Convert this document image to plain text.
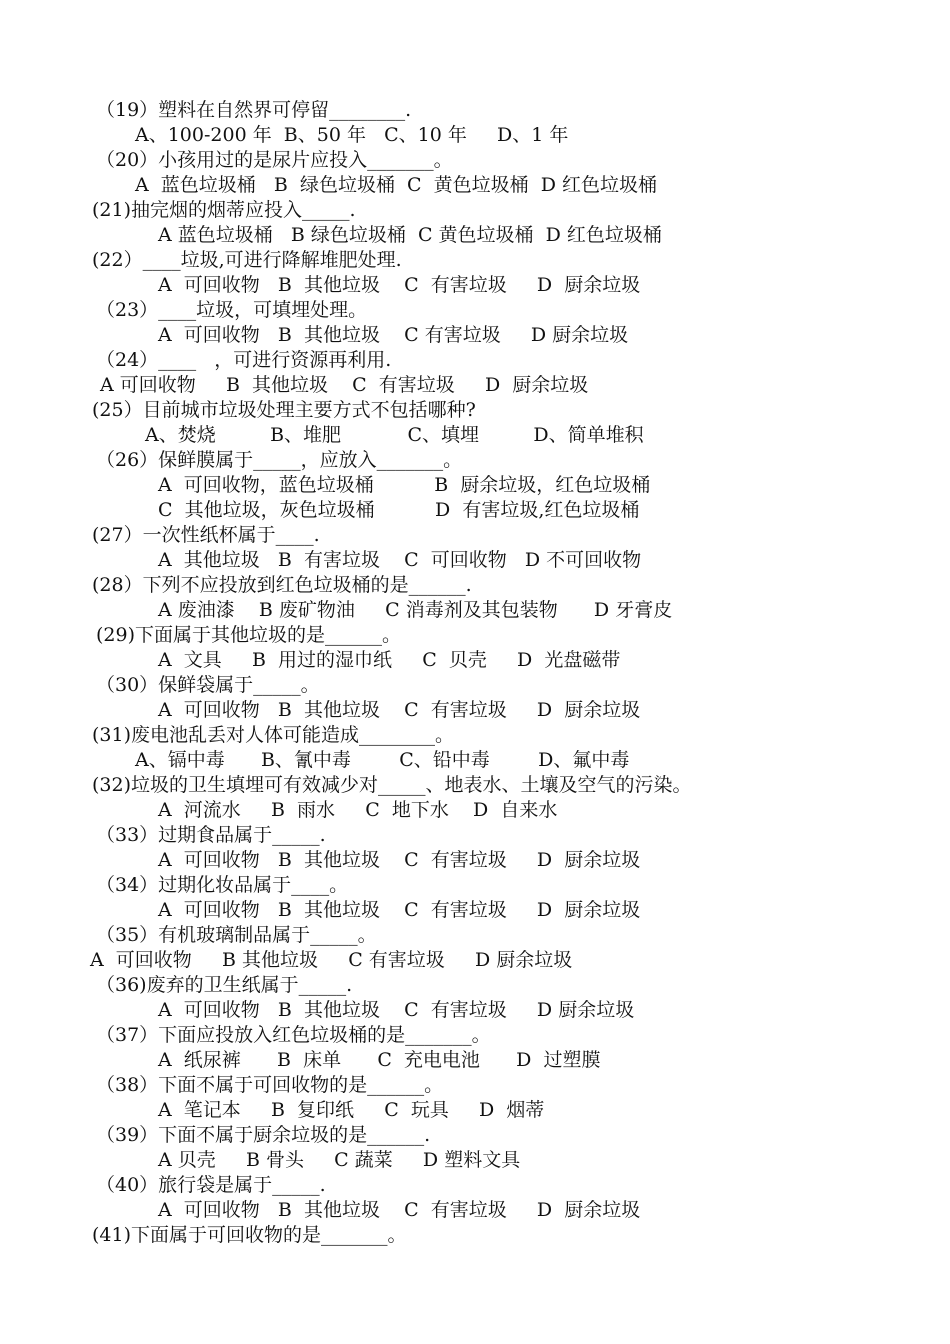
（19）塑料在自然界可停留________.
A、100-200 年  B、50 年   C、10 年     D、1 年
（20）小孩用过的是尿片应投入_______。
A  蓝色垃圾桶   B  绿色垃圾桶  C  黄色垃圾桶  D 红色垃圾桶
(21)抽完烟的烟蒂应投入_____.
A 蓝色垃圾桶   B 绿色垃圾桶  C 黄色垃圾桶  D 红色垃圾桶
(22）____垃圾,可进行降解堆肥处理.
A  可回收物   B  其他垃圾    C  有害垃圾     D  厨余垃圾
（23）____垃圾，可填埋处理。
A  可回收物   B  其他垃圾    C 有害垃圾     D 厨余垃圾
（24）____   ，可进行资源再利用.
A 可回收物     B  其他垃圾    C  有害垃圾     D  厨余垃圾
(25）目前城市垃圾处理主要方式不包括哪种?
A、焚烧         B、堆肥           C、填埋         D、简单堆积
（26）保鲜膜属于_____，应放入_______。
A  可回收物，蓝色垃圾桶          B  厨余垃圾，红色垃圾桶
C  其他垃圾，灰色垃圾桶          D  有害垃圾,红色垃圾桶
(27）一次性纸杯属于____.
A  其他垃圾   B  有害垃圾    C  可回收物   D 不可回收物
(28）下列不应投放到红色垃圾桶的是______.
A 废油漆    B 废矿物油     C 消毒剂及其包装物      D 牙膏皮
(29)下面属于其他垃圾的是______。
A  文具     B  用过的湿巾纸     C  贝壳     D  光盘磁带
（30）保鲜袋属于_____。
A  可回收物   B  其他垃圾    C  有害垃圾     D  厨余垃圾
(31)废电池乱丢对人体可能造成________。
A、镉中毒      B、氰中毒        C、铅中毒        D、氟中毒
(32)垃圾的卫生填埋可有效减少对_____、地表水、土壤及空气的污染。
A  河流水     B  雨水     C  地下水    D  自来水
（33）过期食品属于_____.
A  可回收物   B  其他垃圾    C  有害垃圾     D  厨余垃圾
（34）过期化妆品属于____。
A  可回收物   B  其他垃圾    C  有害垃圾     D  厨余垃圾
（35）有机玻璃制品属于_____。
A  可回收物     B 其他垃圾     C 有害垃圾     D 厨余垃圾
（36)废弃的卫生纸属于_____.
A  可回收物   B  其他垃圾    C  有害垃圾     D 厨余垃圾
（37）下面应投放入红色垃圾桶的是_______。
A  纸尿裤      B  床单      C  充电电池      D  过塑膜
（38）下面不属于可回收物的是______。
A  笔记本     B  复印纸     C  玩具     D  烟蒂
（39）下面不属于厨余垃圾的是______.
A 贝壳     B 骨头     C 蔬菜     D 塑料文具
（40）旅行袋是属于_____.
A  可回收物   B  其他垃圾    C  有害垃圾     D  厨余垃圾
(41)下面属于可回收物的是_______。
